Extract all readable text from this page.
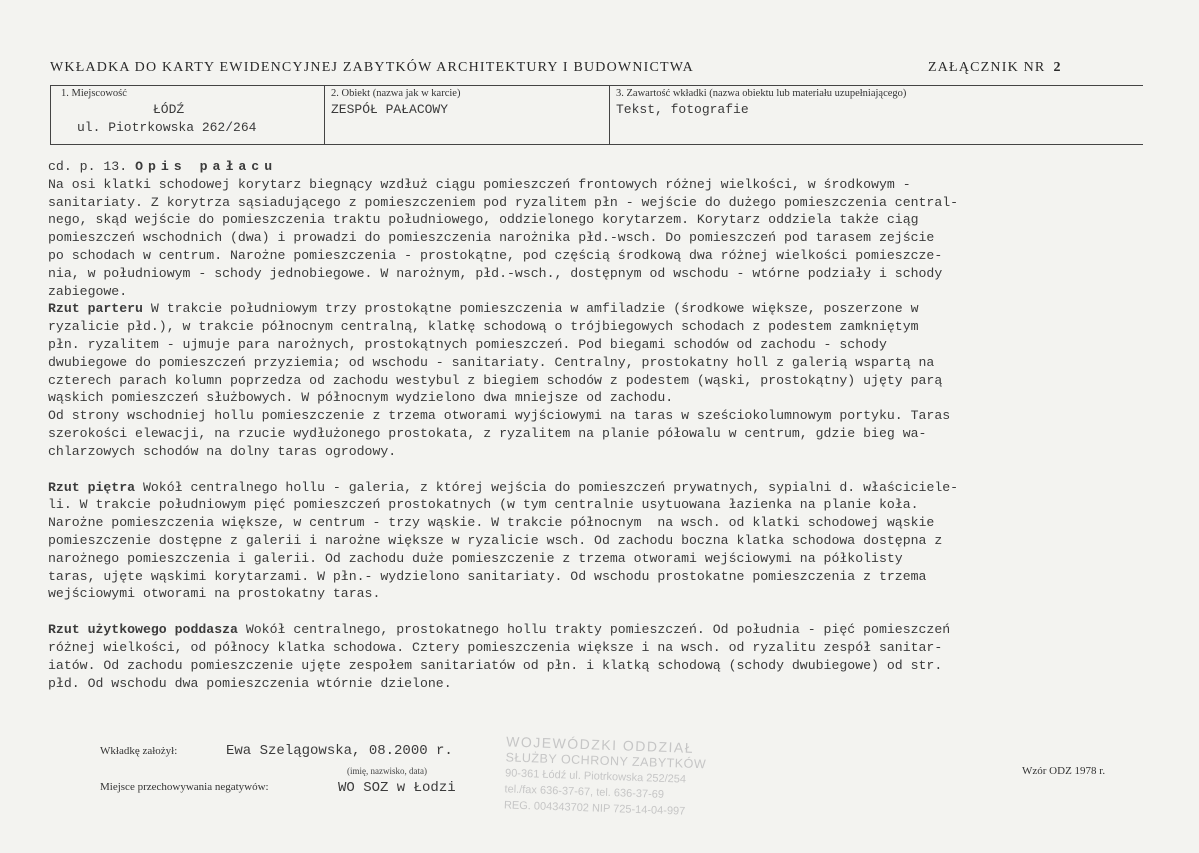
WKŁADKA DO KARTY EWIDENCYJNEJ ZABYTKÓW ARCHITEKTURY I BUDOWNICTWA	ZAŁĄCZNIK NR 2
1. Miejscowość
ŁÓDŹ
ul. Piotrkowska 262/264
2. Obiekt (nazwa jak w karcie)
ZESPÓŁ PAŁACOWY
3. Zawartość wkładki (nazwa obiektu lub materiału uzupełniającego)
Tekst, fotografie

cd. p. 13. Opis pałacu

Na osi klatki schodowej korytarz biegnący wzdłuż ciągu pomieszczeń frontowych różnej wielkości, w środkowym -

sanitariaty. Z korytrza sąsiadującego z pomieszczeniem pod ryzalitem płn - wejście do dużego pomieszczenia central-

nego, skąd wejście do pomieszczenia traktu południowego, oddzielonego korytarzem. Korytarz oddziela także ciąg

pomieszczeń wschodnich (dwa) i prowadzi do pomieszczenia narożnika płd.-wsch. Do pomieszczeń pod tarasem zejście

po schodach w centrum. Narożne pomieszczenia - prostokątne, pod częścią środkową dwa różnej wielkości pomieszcze-

nia, w południowym - schody jednobiegowe. W narożnym, płd.-wsch., dostępnym od wschodu - wtórne podziały i schody

zabiegowe.

Rzut parteru W trakcie południowym trzy prostokątne pomieszczenia w amfiladzie (środkowe większe, poszerzone w

ryzalicie płd.), w trakcie północnym centralną, klatkę schodową o trójbiegowych schodach z podestem zamkniętym

płn. ryzalitem - ujmuje para narożnych, prostokątnych pomieszczeń. Pod biegami schodów od zachodu - schody

dwubiegowe do pomieszczeń przyziemia; od wschodu - sanitariaty. Centralny, prostokatny holl z galerią wspartą na

czterech parach kolumn poprzedza od zachodu westybul z biegiem schodów z podestem (wąski, prostokątny) ujęty parą

wąskich pomieszczeń służbowych. W północnym wydzielono dwa mniejsze od zachodu.

Od strony wschodniej hollu pomieszczenie z trzema otworami wyjściowymi na taras w sześciokolumnowym portyku. Taras

szerokości elewacji, na rzucie wydłużonego prostokata, z ryzalitem na planie półowalu w centrum, gdzie bieg wa-

chlarzowych schodów na dolny taras ogrodowy.

Rzut piętra Wokół centralnego hollu - galeria, z której wejścia do pomieszczeń prywatnych, sypialni d. właściciele-

li. W trakcie południowym pięć pomieszczeń prostokatnych (w tym centralnie usytuowana łazienka na planie koła.

Narożne pomieszczenia większe, w centrum - trzy wąskie. W trakcie północnym  na wsch. od klatki schodowej wąskie

pomieszczenie dostępne z galerii i narożne większe w ryzalicie wsch. Od zachodu boczna klatka schodowa dostępna z

narożnego pomieszczenia i galerii. Od zachodu duże pomieszczenie z trzema otworami wejściowymi na półkolisty

taras, ujęte wąskimi korytarzami. W płn.- wydzielono sanitariaty. Od wschodu prostokatne pomieszczenia z trzema

wejściowymi otworami na prostokatny taras.

Rzut użytkowego poddasza Wokół centralnego, prostokatnego hollu trakty pomieszczeń. Od południa - pięć pomieszczeń

różnej wielkości, od północy klatka schodowa. Cztery pomieszczenia większe i na wsch. od ryzalitu zespół sanitar-

iatów. Od zachodu pomieszczenie ujęte zespołem sanitariatów od płn. i klatką schodową (schody dwubiegowe) od str.

płd. Od wschodu dwa pomieszczenia wtórnie dzielone.

Wkładkę założył:	Ewa Szelągowska, 08.2000 r.
(imię, nazwisko, data)
Miejsce przechowywania negatywów:	WO SOZ w Łodzi
Wzór ODZ 1978 r.
WOJEWÓDZKI ODDZIAŁ
SŁUŻBY OCHRONY ZABYTKÓW
90-361 Łódź ul. Piotrkowska 252/254
tel./fax 636-37-67, tel. 636-37-69
REG. 004343702 NIP 725-14-04-997
